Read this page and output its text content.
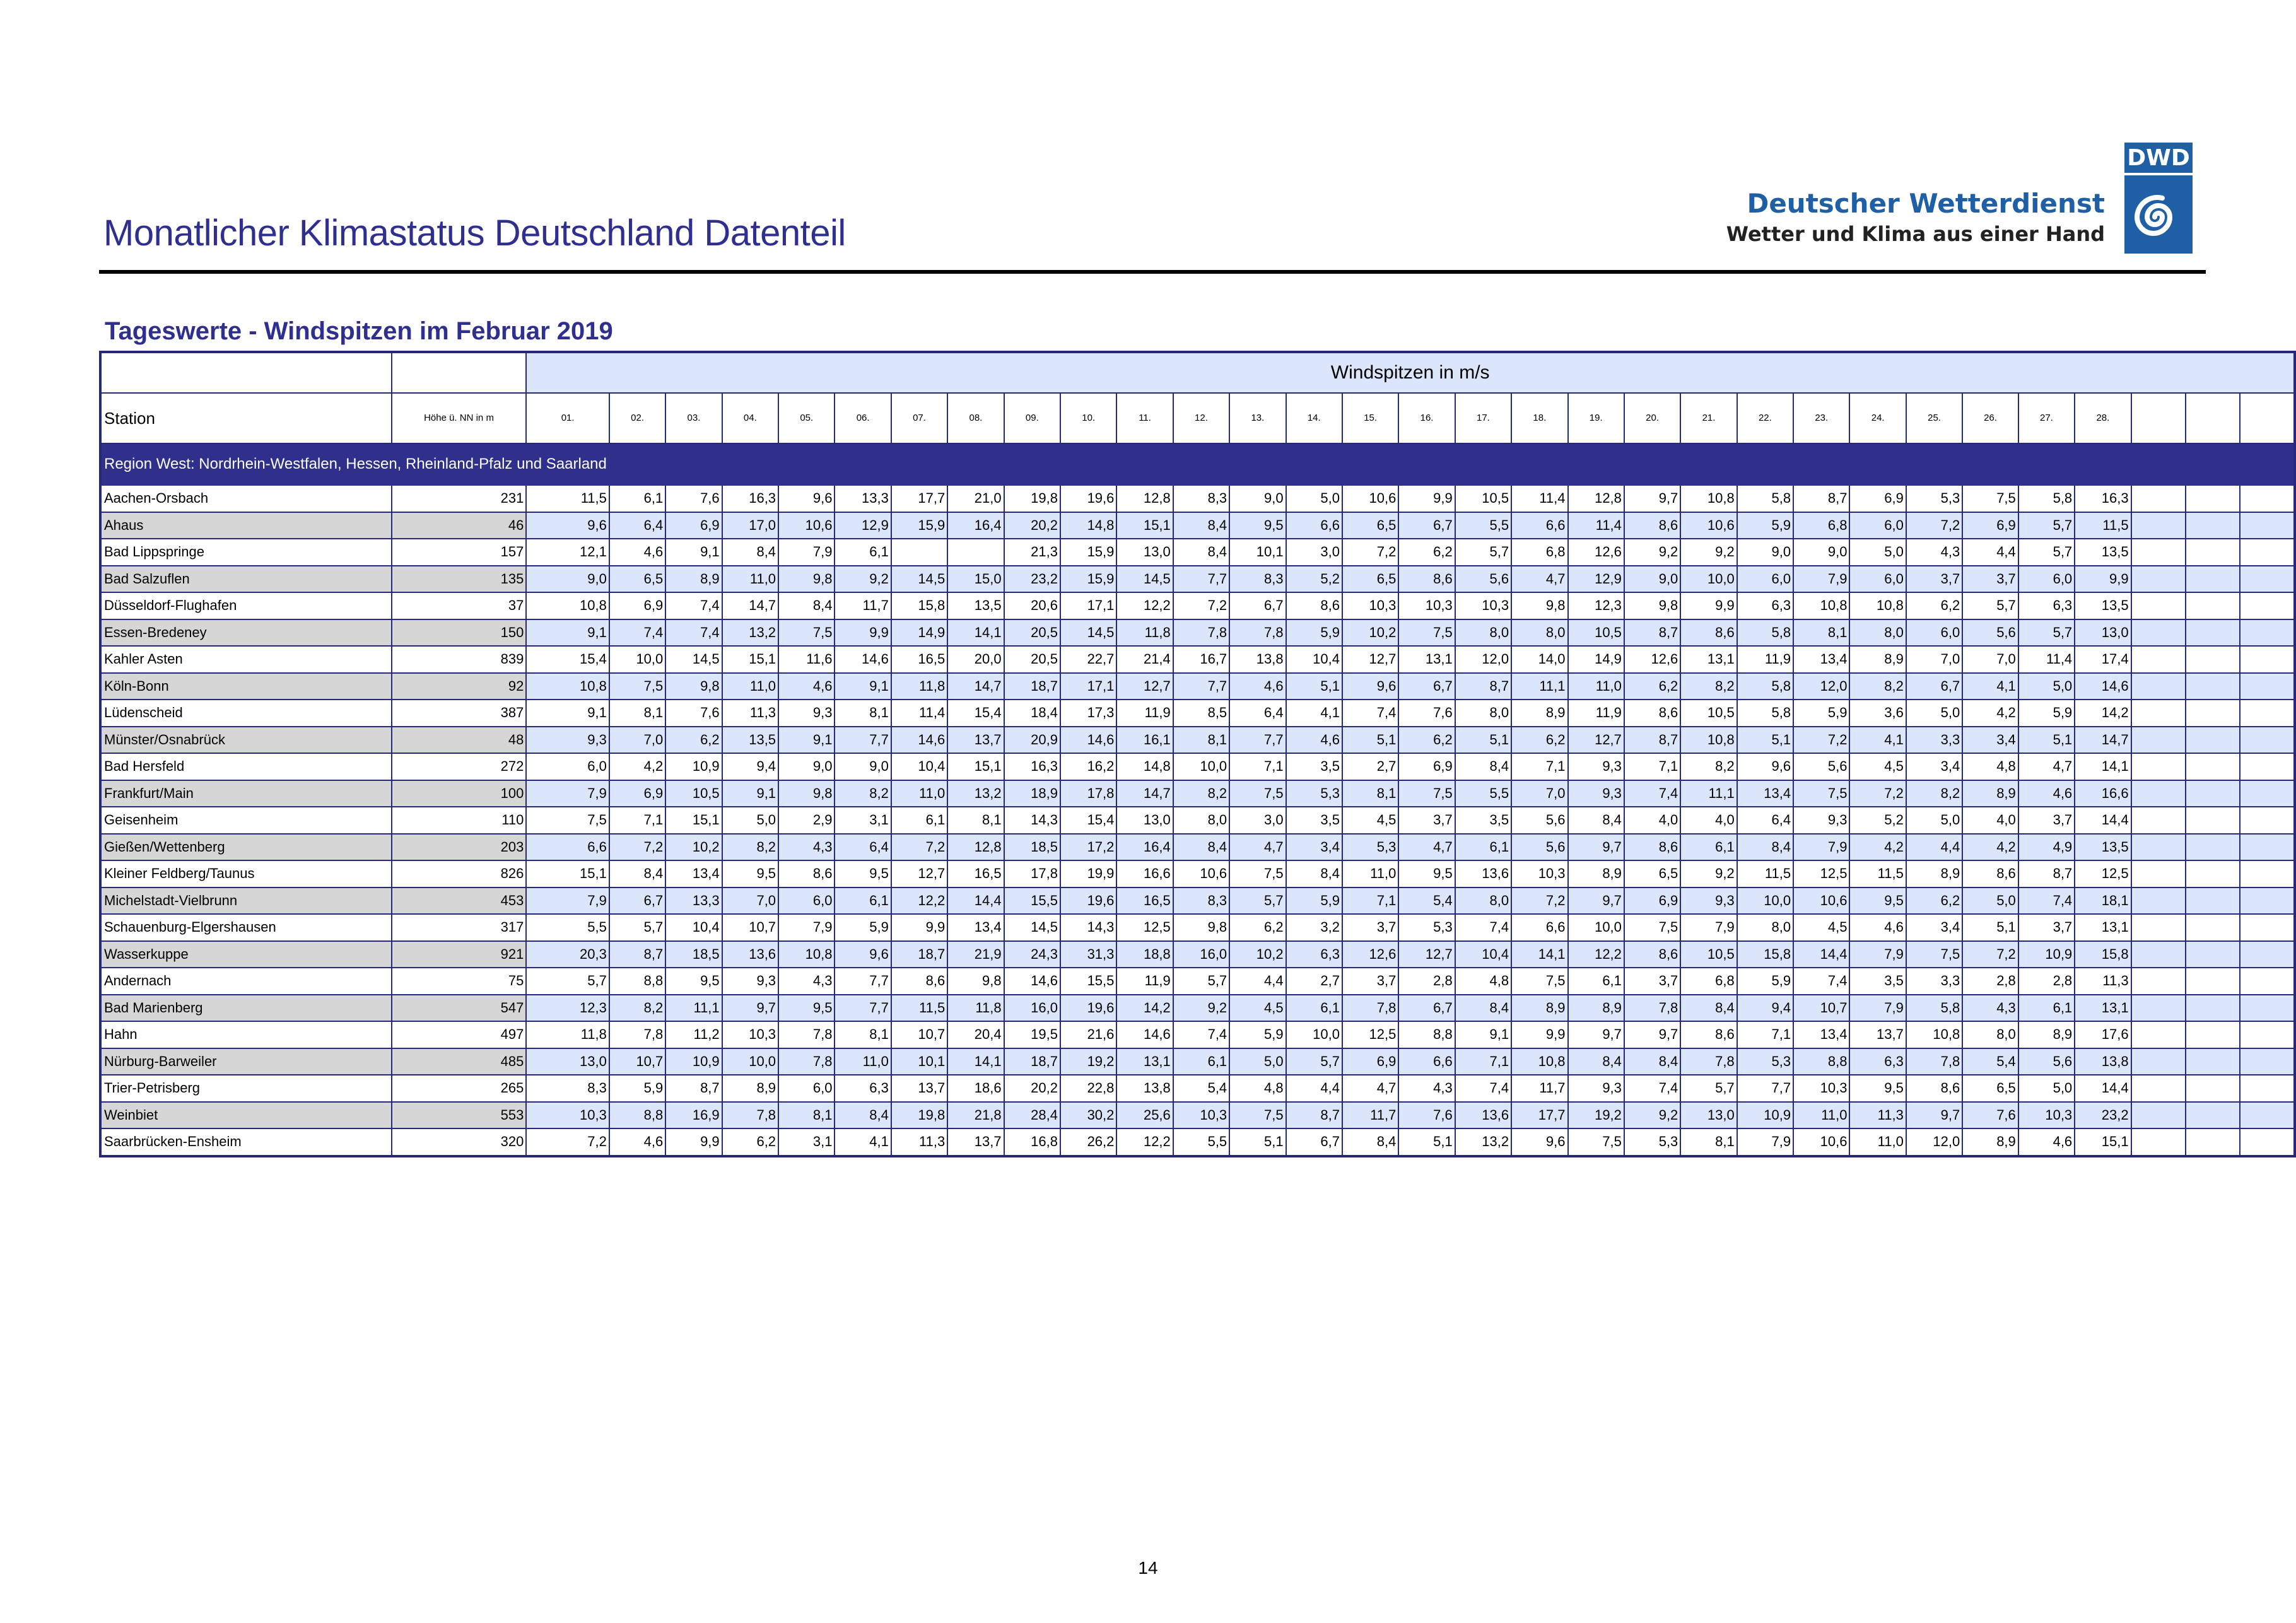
Monatlicher Klimastatus Deutschland Datenteil
Deutscher Wetterdienst
Wetter und Klima aus einer Hand
DWD
Tageswerte - Windspitzen im Februar 2019
		Windspitzen in m/s																														
Station	Höhe ü. NN in m	01.	02.	03.	04.	05.	06.	07.	08.	09.	10.	11.	12.	13.	14.	15.	16.	17.	18.	19.	20.	21.	22.	23.	24.	25.	26.	27.	28.			
Region West: Nordrhein-Westfalen, Hessen, Rheinland-Pfalz und Saarland																																
Aachen-Orsbach	231	11,5	6,1	7,6	16,3	9,6	13,3	17,7	21,0	19,8	19,6	12,8	8,3	9,0	5,0	10,6	9,9	10,5	11,4	12,8	9,7	10,8	5,8	8,7	6,9	5,3	7,5	5,8	16,3			
Ahaus	46	9,6	6,4	6,9	17,0	10,6	12,9	15,9	16,4	20,2	14,8	15,1	8,4	9,5	6,6	6,5	6,7	5,5	6,6	11,4	8,6	10,6	5,9	6,8	6,0	7,2	6,9	5,7	11,5			
Bad Lippspringe	157	12,1	4,6	9,1	8,4	7,9	6,1			21,3	15,9	13,0	8,4	10,1	3,0	7,2	6,2	5,7	6,8	12,6	9,2	9,2	9,0	9,0	5,0	4,3	4,4	5,7	13,5			
Bad Salzuflen	135	9,0	6,5	8,9	11,0	9,8	9,2	14,5	15,0	23,2	15,9	14,5	7,7	8,3	5,2	6,5	8,6	5,6	4,7	12,9	9,0	10,0	6,0	7,9	6,0	3,7	3,7	6,0	9,9			
Düsseldorf-Flughafen	37	10,8	6,9	7,4	14,7	8,4	11,7	15,8	13,5	20,6	17,1	12,2	7,2	6,7	8,6	10,3	10,3	10,3	9,8	12,3	9,8	9,9	6,3	10,8	10,8	6,2	5,7	6,3	13,5			
Essen-Bredeney	150	9,1	7,4	7,4	13,2	7,5	9,9	14,9	14,1	20,5	14,5	11,8	7,8	7,8	5,9	10,2	7,5	8,0	8,0	10,5	8,7	8,6	5,8	8,1	8,0	6,0	5,6	5,7	13,0			
Kahler Asten	839	15,4	10,0	14,5	15,1	11,6	14,6	16,5	20,0	20,5	22,7	21,4	16,7	13,8	10,4	12,7	13,1	12,0	14,0	14,9	12,6	13,1	11,9	13,4	8,9	7,0	7,0	11,4	17,4			
Köln-Bonn	92	10,8	7,5	9,8	11,0	4,6	9,1	11,8	14,7	18,7	17,1	12,7	7,7	4,6	5,1	9,6	6,7	8,7	11,1	11,0	6,2	8,2	5,8	12,0	8,2	6,7	4,1	5,0	14,6			
Lüdenscheid	387	9,1	8,1	7,6	11,3	9,3	8,1	11,4	15,4	18,4	17,3	11,9	8,5	6,4	4,1	7,4	7,6	8,0	8,9	11,9	8,6	10,5	5,8	5,9	3,6	5,0	4,2	5,9	14,2			
Münster/Osnabrück	48	9,3	7,0	6,2	13,5	9,1	7,7	14,6	13,7	20,9	14,6	16,1	8,1	7,7	4,6	5,1	6,2	5,1	6,2	12,7	8,7	10,8	5,1	7,2	4,1	3,3	3,4	5,1	14,7			
Bad Hersfeld	272	6,0	4,2	10,9	9,4	9,0	9,0	10,4	15,1	16,3	16,2	14,8	10,0	7,1	3,5	2,7	6,9	8,4	7,1	9,3	7,1	8,2	9,6	5,6	4,5	3,4	4,8	4,7	14,1			
Frankfurt/Main	100	7,9	6,9	10,5	9,1	9,8	8,2	11,0	13,2	18,9	17,8	14,7	8,2	7,5	5,3	8,1	7,5	5,5	7,0	9,3	7,4	11,1	13,4	7,5	7,2	8,2	8,9	4,6	16,6			
Geisenheim	110	7,5	7,1	15,1	5,0	2,9	3,1	6,1	8,1	14,3	15,4	13,0	8,0	3,0	3,5	4,5	3,7	3,5	5,6	8,4	4,0	4,0	6,4	9,3	5,2	5,0	4,0	3,7	14,4			
Gießen/Wettenberg	203	6,6	7,2	10,2	8,2	4,3	6,4	7,2	12,8	18,5	17,2	16,4	8,4	4,7	3,4	5,3	4,7	6,1	5,6	9,7	8,6	6,1	8,4	7,9	4,2	4,4	4,2	4,9	13,5			
Kleiner Feldberg/Taunus	826	15,1	8,4	13,4	9,5	8,6	9,5	12,7	16,5	17,8	19,9	16,6	10,6	7,5	8,4	11,0	9,5	13,6	10,3	8,9	6,5	9,2	11,5	12,5	11,5	8,9	8,6	8,7	12,5			
Michelstadt-Vielbrunn	453	7,9	6,7	13,3	7,0	6,0	6,1	12,2	14,4	15,5	19,6	16,5	8,3	5,7	5,9	7,1	5,4	8,0	7,2	9,7	6,9	9,3	10,0	10,6	9,5	6,2	5,0	7,4	18,1			
Schauenburg-Elgershausen	317	5,5	5,7	10,4	10,7	7,9	5,9	9,9	13,4	14,5	14,3	12,5	9,8	6,2	3,2	3,7	5,3	7,4	6,6	10,0	7,5	7,9	8,0	4,5	4,6	3,4	5,1	3,7	13,1			
Wasserkuppe	921	20,3	8,7	18,5	13,6	10,8	9,6	18,7	21,9	24,3	31,3	18,8	16,0	10,2	6,3	12,6	12,7	10,4	14,1	12,2	8,6	10,5	15,8	14,4	7,9	7,5	7,2	10,9	15,8			
Andernach	75	5,7	8,8	9,5	9,3	4,3	7,7	8,6	9,8	14,6	15,5	11,9	5,7	4,4	2,7	3,7	2,8	4,8	7,5	6,1	3,7	6,8	5,9	7,4	3,5	3,3	2,8	2,8	11,3			
Bad Marienberg	547	12,3	8,2	11,1	9,7	9,5	7,7	11,5	11,8	16,0	19,6	14,2	9,2	4,5	6,1	7,8	6,7	8,4	8,9	8,9	7,8	8,4	9,4	10,7	7,9	5,8	4,3	6,1	13,1			
Hahn	497	11,8	7,8	11,2	10,3	7,8	8,1	10,7	20,4	19,5	21,6	14,6	7,4	5,9	10,0	12,5	8,8	9,1	9,9	9,7	9,7	8,6	7,1	13,4	13,7	10,8	8,0	8,9	17,6			
Nürburg-Barweiler	485	13,0	10,7	10,9	10,0	7,8	11,0	10,1	14,1	18,7	19,2	13,1	6,1	5,0	5,7	6,9	6,6	7,1	10,8	8,4	8,4	7,8	5,3	8,8	6,3	7,8	5,4	5,6	13,8			
Trier-Petrisberg	265	8,3	5,9	8,7	8,9	6,0	6,3	13,7	18,6	20,2	22,8	13,8	5,4	4,8	4,4	4,7	4,3	7,4	11,7	9,3	7,4	5,7	7,7	10,3	9,5	8,6	6,5	5,0	14,4			
Weinbiet	553	10,3	8,8	16,9	7,8	8,1	8,4	19,8	21,8	28,4	30,2	25,6	10,3	7,5	8,7	11,7	7,6	13,6	17,7	19,2	9,2	13,0	10,9	11,0	11,3	9,7	7,6	10,3	23,2			
Saarbrücken-Ensheim	320	7,2	4,6	9,9	6,2	3,1	4,1	11,3	13,7	16,8	26,2	12,2	5,5	5,1	6,7	8,4	5,1	13,2	9,6	7,5	5,3	8,1	7,9	10,6	11,0	12,0	8,9	4,6	15,1			
14
